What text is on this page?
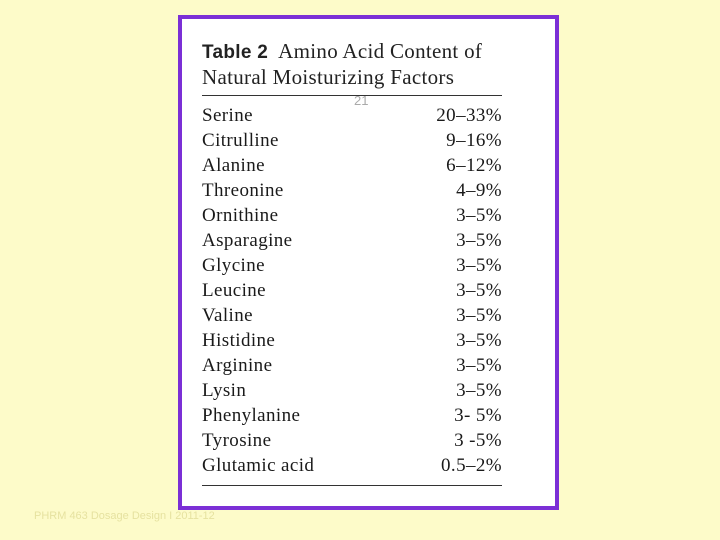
Table 2 Amino Acid Content of
Natural Moisturizing Factors
21
Serine	20–33%
Citrulline	9–16%
Alanine	6–12%
Threonine	4–9%
Ornithine	3–5%
Asparagine	3–5%
Glycine	3–5%
Leucine	3–5%
Valine	3–5%
Histidine	3–5%
Arginine	3–5%
Lysin	3–5%
Phenylanine	3- 5%
Tyrosine	3 -5%
Glutamic acid	0.5–2%
PHRM 463 Dosage Design I 2011-12
